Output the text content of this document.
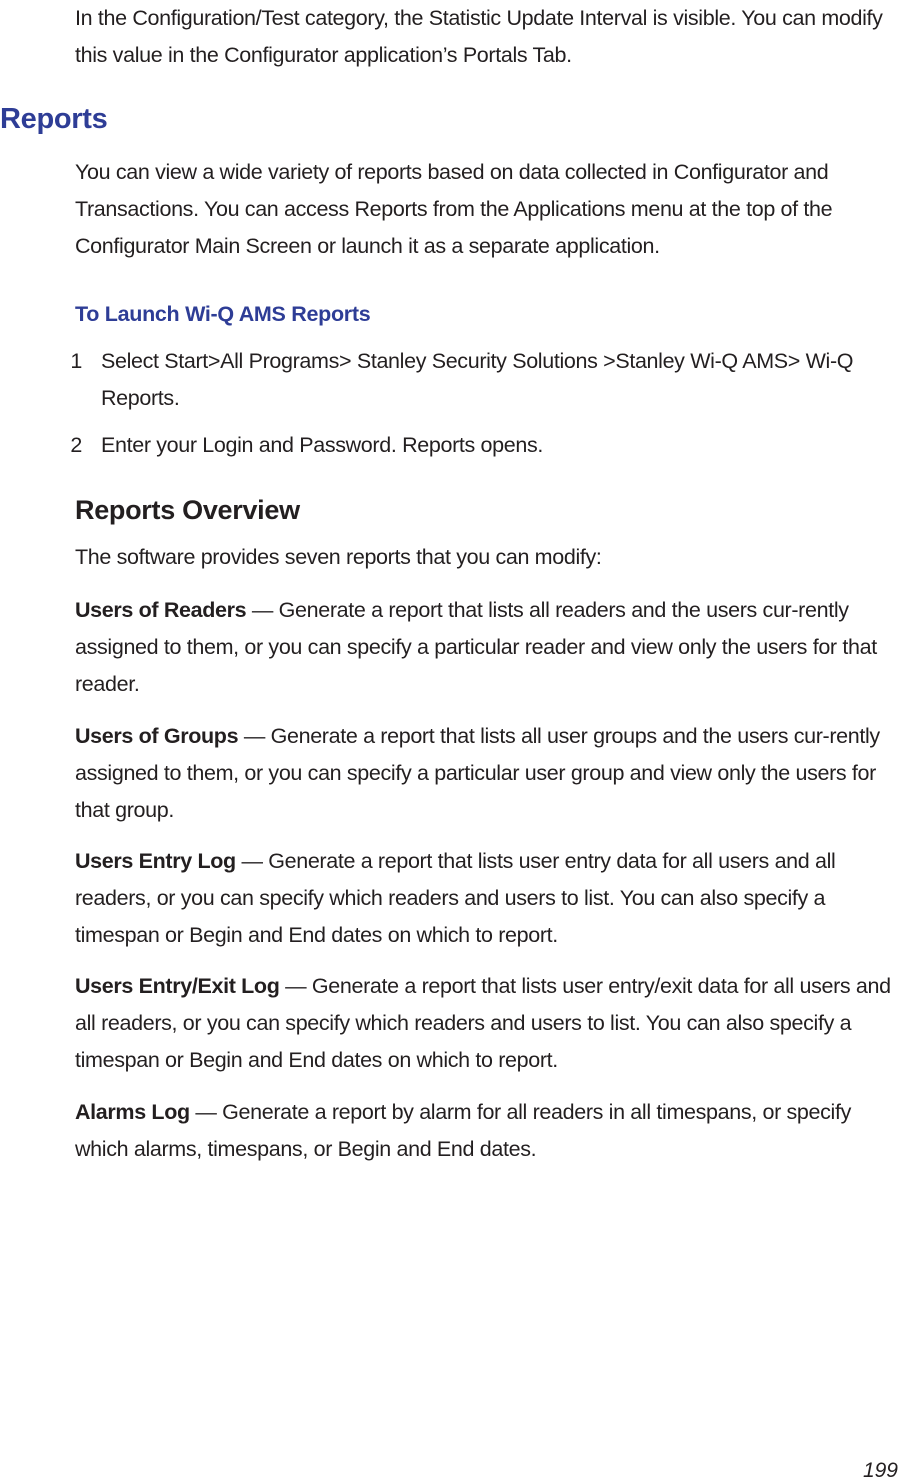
In the Configuration/Test category, the Statistic Update Interval is visible. You can modify this value in the Configurator application’s Portals Tab.

Reports

You can view a wide variety of reports based on data collected in Configurator and Transactions. You can access Reports from the Applications menu at the top of the Configurator Main Screen or launch it as a separate application.

To Launch Wi-Q AMS Reports
1 Select Start>All Programs> Stanley Security Solutions >Stanley Wi-Q AMS> Wi-Q Reports.
2 Enter your Login and Password. Reports opens.
Reports Overview

The software provides seven reports that you can modify:

Users of Readers — Generate a report that lists all readers and the users cur-rently assigned to them, or you can specify a particular reader and view only the users for that reader.

Users of Groups — Generate a report that lists all user groups and the users cur-rently assigned to them, or you can specify a particular user group and view only the users for that group.

Users Entry Log — Generate a report that lists user entry data for all users and all readers, or you can specify which readers and users to list. You can also specify a timespan or Begin and End dates on which to report.

Users Entry/Exit Log — Generate a report that lists user entry/exit data for all users and all readers, or you can specify which readers and users to list. You can also specify a timespan or Begin and End dates on which to report.

Alarms Log — Generate a report by alarm for all readers in all timespans, or specify which alarms, timespans, or Begin and End dates.

199
